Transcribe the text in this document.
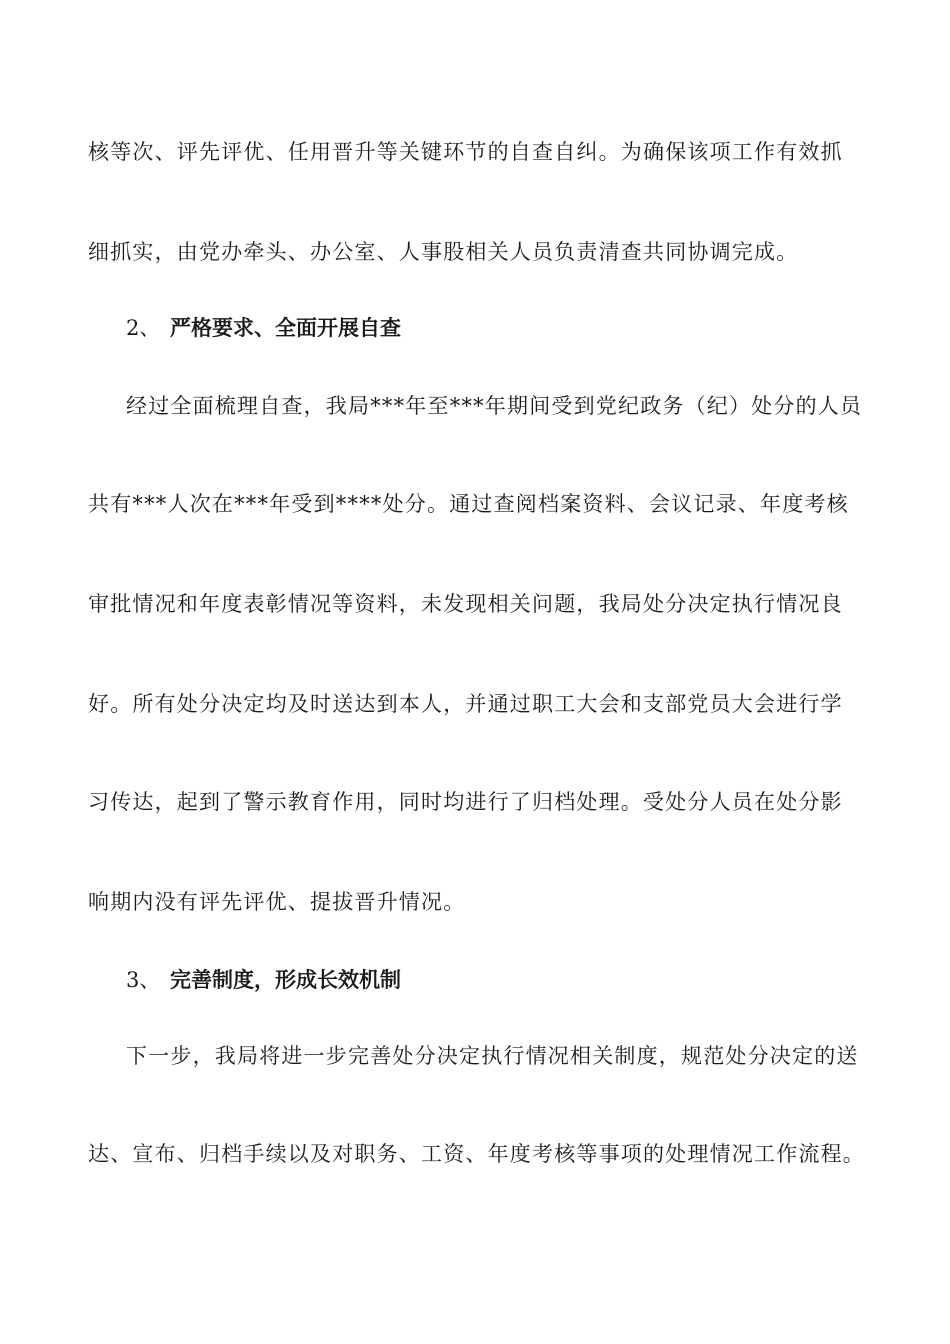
核等次、评先评优、任用晋升等关键环节的自查自纠。为确保该项工作有效抓
细抓实，由党办牵头、办公室、人事股相关人员负责清查共同协调完成。
2、 严格要求、全面开展自查
经过全面梳理自查，我局***年至***年期间受到党纪政务（纪）处分的人员
共有***人次在***年受到****处分。通过查阅档案资料、会议记录、年度考核
审批情况和年度表彰情况等资料，未发现相关问题，我局处分决定执行情况良
好。所有处分决定均及时送达到本人，并通过职工大会和支部党员大会进行学
习传达，起到了警示教育作用，同时均进行了归档处理。受处分人员在处分影
响期内没有评先评优、提拔晋升情况。
3、 完善制度，形成长效机制
下一步，我局将进一步完善处分决定执行情况相关制度，规范处分决定的送
达、宣布、归档手续以及对职务、工资、年度考核等事项的处理情况工作流程。
